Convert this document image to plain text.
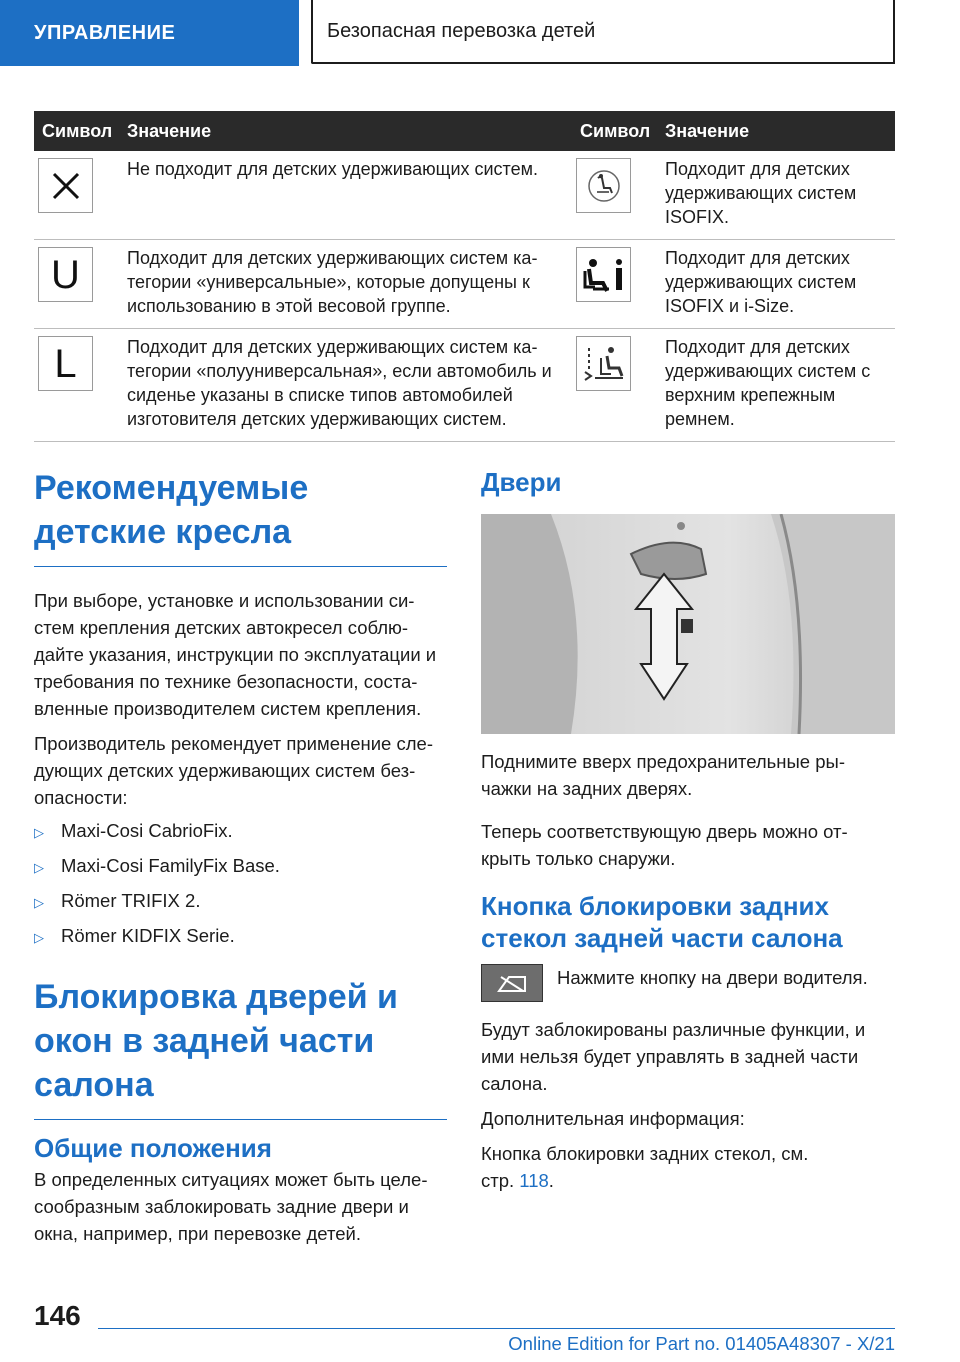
УПРАВЛЕНИЕ	Безопасная перевозка детей
Символ	Значение	Символ	Значение

	Не подходит для детских удерживающих систем.		Подходит для детских удерживающих систем ISOFIX.

U	Подходит для детских удерживающих систем ка-тегории «универсальные», которые допущены к использованию в этой весовой группе.		Подходит для детских удерживающих систем ISOFIX и i-Size.

L	Подходит для детских удерживающих систем ка-тегории «полууниверсальная», если автомобиль и сиденье указаны в списке типов автомобилей изготовителя детских удерживающих систем.		Подходит для детских удерживающих систем с верхним крепежным ремнем.
Рекомендуемые детские кресла

При выборе, установке и использовании си-стем крепления детских автокресел соблю-дайте указания, инструкции по эксплуатации и требования по технике безопасности, соста-вленные производителем систем крепления.

Производитель рекомендует применение сле-дующих детских удерживающих систем без-опасности:

▷ Maxi-Cosi CabrioFix.
▷ Maxi-Cosi FamilyFix Base.
▷ Römer TRIFIX 2.
▷ Römer KIDFIX Serie.
Блокировка дверей и окон в задней части салона
Общие положения

В определенных ситуациях может быть целе-сообразным заблокировать задние двери и окна, например, при перевозке детей.

Двери

Поднимите вверх предохранительные ры-чажки на задних дверях.

Теперь соответствующую дверь можно от-крыть только снаружи.

Кнопка блокировки задних стекол задней части салона

Нажмите кнопку на двери водителя.

Будут заблокированы различные функции, и ими нельзя будет управлять в задней части салона.

Дополнительная информация:

Кнопка блокировки задних стекол, см.

стр. 118.

146
Online Edition for Part no. 01405A48307 - X/21
